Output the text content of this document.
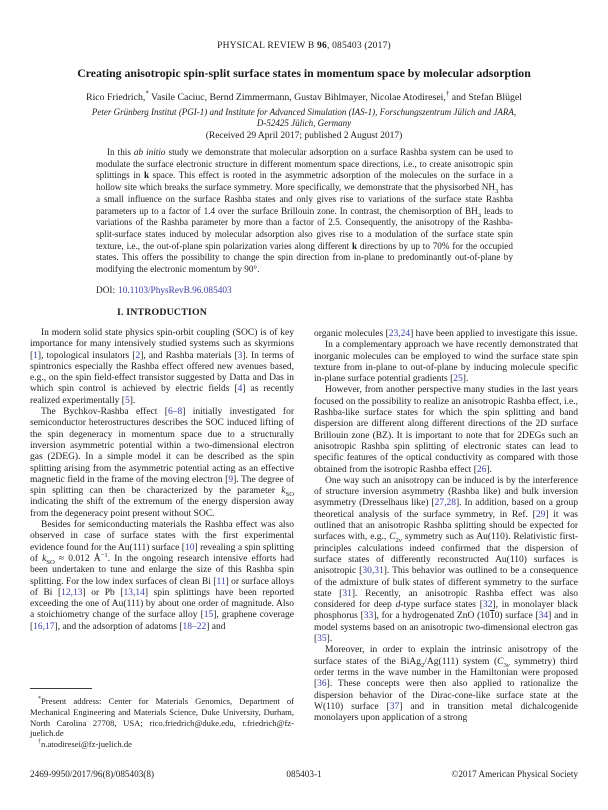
PHYSICAL REVIEW B 96, 085403 (2017)
Creating anisotropic spin-split surface states in momentum space by molecular adsorption
Rico Friedrich,* Vasile Caciuc, Bernd Zimmermann, Gustav Bihlmayer, Nicolae Atodiresei,† and Stefan Blügel
Peter Grünberg Institut (PGI-1) and Institute for Advanced Simulation (IAS-1), Forschungszentrum Jülich and JARA,
D-52425 Jülich, Germany
(Received 29 April 2017; published 2 August 2017)

In this ab initio study we demonstrate that molecular adsorption on a surface Rashba system can be used to modulate the surface electronic structure in different momentum space directions, i.e., to create anisotropic spin splittings in k space. This effect is rooted in the asymmetric adsorption of the molecules on the surface in a hollow site which breaks the surface symmetry. More specifically, we demonstrate that the physisorbed $NH_3$ has a small influence on the surface Rashba states and only gives rise to variations of the surface state Rashba parameters up to a factor of 1.4 over the surface Brillouin zone. In contrast, the chemisorption of $BH_3$ leads to variations of the Rashba parameter by more than a factor of 2.5. Consequently, the anisotropy of the Rashba-split-surface states induced by molecular adsorption also gives rise to a modulation of the surface state spin texture, i.e., the out-of-plane spin polarization varies along different k directions by up to 70% for the occupied states. This offers the possibility to change the spin direction from in-plane to predominantly out-of-plane by modifying the electronic momentum by 90°.

DOI: 10.1103/PhysRevB.96.085403

I. INTRODUCTION

In modern solid state physics spin-orbit coupling (SOC) is of key importance for many intensively studied systems such as skyrmions [1], topological insulators [2], and Rashba materials [3]. In terms of spintronics especially the Rashba effect offered new avenues based, e.g., on the spin field-effect transistor suggested by Datta and Das in which spin control is achieved by electric fields [4] as recently realized experimentally [5].

The Bychkov-Rashba effect [6–8] initially investigated for semiconductor heterostructures describes the SOC induced lifting of the spin degeneracy in momentum space due to a structurally inversion asymmetric potential within a two-dimensional electron gas (2DEG). In a simple model it can be described as the spin splitting arising from the asymmetric potential acting as an effective magnetic field in the frame of the moving electron [9]. The degree of spin splitting can then be characterized by the parameter $k_{SO}$ indicating the shift of the extremum of the energy dispersion away from the degeneracy point present without SOC.

Besides for semiconducting materials the Rashba effect was also observed in case of surface states with the first experimental evidence found for the Au(111) surface [10] revealing a spin splitting of $k_{SO} \approx 0.012$ $Å^{-1}$. In the ongoing research intensive efforts had been undertaken to tune and enlarge the size of this Rashba spin splitting. For the low index surfaces of clean Bi [11] or surface alloys of Bi [12,13] or Pb [13,14] spin splittings have been reported exceeding the one of Au(111) by about one order of magnitude. Also a stoichiometry change of the surface alloy [15], graphene coverage [16,17], and the adsorption of adatoms [18–22] and

organic molecules [23,24] have been applied to investigate this issue.

In a complementary approach we have recently demonstrated that inorganic molecules can be employed to wind the surface state spin texture from in-plane to out-of-plane by inducing molecule specific in-plane surface potential gradients [25].

However, from another perspective many studies in the last years focused on the possibility to realize an anisotropic Rashba effect, i.e., Rashba-like surface states for which the spin splitting and band dispersion are different along different directions of the 2D surface Brillouin zone (BZ). It is important to note that for 2DEGs such an anisotropic Rashba spin splitting of electronic states can lead to specific features of the optical conductivity as compared with those obtained from the isotropic Rashba effect [26].

One way such an anisotropy can be induced is by the interference of structure inversion asymmetry (Rashba like) and bulk inversion asymmetry (Dresselhaus like) [27,28]. In addition, based on a group theoretical analysis of the surface symmetry, in Ref. [29] it was outlined that an anisotropic Rashba splitting should be expected for surfaces with, e.g., $C_{2v}$ symmetry such as Au(110). Relativistic first-principles calculations indeed confirmed that the dispersion of surface states of differently reconstructed Au(110) surfaces is anisotropic [30,31]. This behavior was outlined to be a consequence of the admixture of bulk states of different symmetry to the surface state [31]. Recently, an anisotropic Rashba effect was also considered for deep d-type surface states [32], in monolayer black phosphorus [33], for a hydrogenated ZnO (1010) surface [34] and in model systems based on an anisotropic two-dimensional electron gas [35].

Moreover, in order to explain the intrinsic anisotropy of the surface states of the BiAg$_2$/Ag(111) system ($C_{3v}$ symmetry) third order terms in the wave number in the Hamiltonian were proposed [36]. These concepts were then also applied to rationalize the dispersion behavior of the Dirac-cone-like surface state at the W(110) surface [37] and in transition metal dichalcogenide monolayers upon application of a strong

*Present address: Center for Materials Genomics, Department of Mechanical Engineering and Materials Science, Duke University, Durham, North Carolina 27708, USA; rico.friedrich@duke.edu, r.friedrich@fz-juelich.de

†n.atodiresei@fz-juelich.de

2469-9950/2017/96(8)/085403(8)	085403-1	©2017 American Physical Society
